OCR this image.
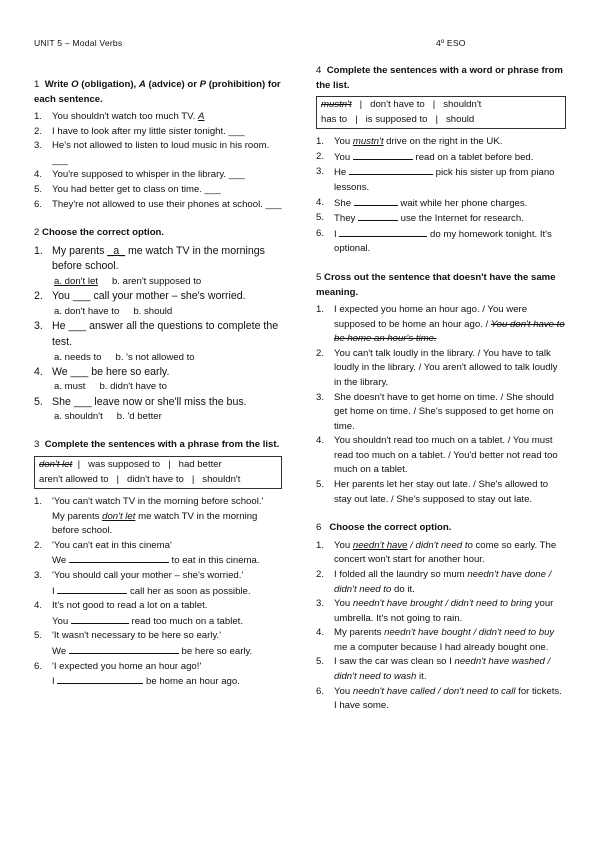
UNIT 5 – Modal Verbs	4º ESO

1 Write O (obligation), A (advice) or P (prohibition) for each sentence.

1. You shouldn't watch too much TV. A
2. I have to look after my little sister tonight. ___
3. He's not allowed to listen to loud music in his room. ___
4. You're supposed to whisper in the library. ___
5. You had better get to class on time. ___
6. They're not allowed to use their phones at school. ___

2 Choose the correct option.

1. My parents _a_ me watch TV in the mornings before school.
a. don't let b. aren't supposed to
2. You ___ call your mother – she's worried.
a. don't have to b. should
3. He ___ answer all the questions to complete the test.
a. needs to b. 's not allowed to
4. We ___ be here so early.
a. must b. didn't have to
5. She ___ leave now or she'll miss the bus.
a. shouldn't b. 'd better

3 Complete the sentences with a phrase from the list.

don't let  |   was supposed to   |   had better
aren't allowed to   |   didn't have to   |   shouldn't
1. 'You can't watch TV in the morning before school.'
My parents don't let me watch TV in the morning before school.
2. 'You can't eat in this cinema'
We	to eat in this cinema.
3. 'You should call your mother – she's worried.'
I	call her as soon as possible.
4. It's not good to read a lot on a tablet.
You	read too much on a tablet.
5. 'It wasn't necessary to be here so early.'
We	be here so early.
6. 'I expected you home an hour ago!'
I	be home an hour ago.

4 Complete the sentences with a word or phrase from the list.

mustn't   |   don't have to   |   shouldn't
has to   |   is supposed to   |   should
1. You mustn't drive on the right in the UK.
2. You	read on a tablet before bed.
3. He	pick his sister up from piano lessons.
4. She	wait while her phone charges.
5. They	use the Internet for research.
6. I	do my homework tonight. It's optional.

5 Cross out the sentence that doesn't have the same meaning.

1. I expected you home an hour ago. / You were supposed to be home an hour ago. / You don't have to be home an hour's time.
2. You can't talk loudly in the library. / You have to talk loudly in the library. / You aren't allowed to talk loudly in the library.
3. She doesn't have to get home on time. / She should get home on time. / She's supposed to get home on time.
4. You shouldn't read too much on a tablet. / You must read too much on a tablet. / You'd better not read too much on a tablet.
5. Her parents let her stay out late. / She's allowed to stay out late. / She's supposed to stay out late.

6 Choose the correct option.

1. You needn't have / didn't need to come so early. The concert won't start for another hour.
2. I folded all the laundry so mum needn't have done / didn't need to do it.
3. You needn't have brought / didn't need to bring your umbrella. It's not going to rain.
4. My parents needn't have bought / didn't need to buy me a computer because I had already bought one.
5. I saw the car was clean so I needn't have washed / didn't need to wash it.
6. You needn't have called / don't need to call for tickets. I have some.
